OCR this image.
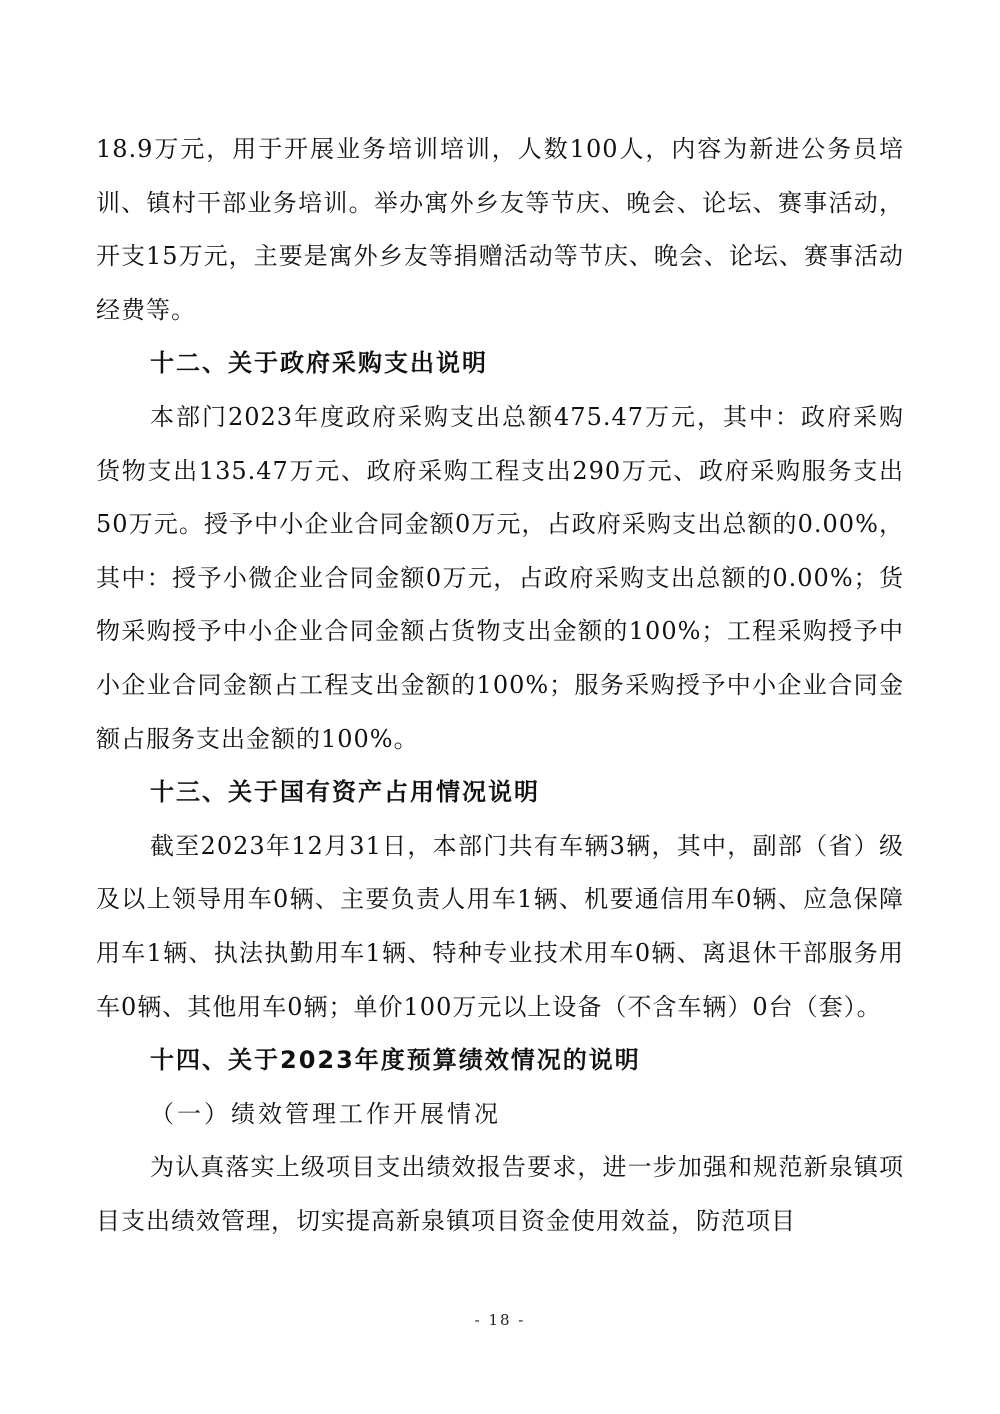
18.9万元，用于开展业务培训培训，人数100人，内容为新进公务员培训、镇村干部业务培训。举办寓外乡友等节庆、晚会、论坛、赛事活动，开支15万元，主要是寓外乡友等捐赠活动等节庆、晚会、论坛、赛事活动经费等。

十二、关于政府采购支出说明

本部门2023年度政府采购支出总额475.47万元，其中：政府采购货物支出135.47万元、政府采购工程支出290万元、政府采购服务支出50万元。授予中小企业合同金额0万元，占政府采购支出总额的0.00%，其中：授予小微企业合同金额0万元，占政府采购支出总额的0.00%；货物采购授予中小企业合同金额占货物支出金额的100%；工程采购授予中小企业合同金额占工程支出金额的100%；服务采购授予中小企业合同金额占服务支出金额的100%。

十三、关于国有资产占用情况说明

截至2023年12月31日，本部门共有车辆3辆，其中，副部（省）级及以上领导用车0辆、主要负责人用车1辆、机要通信用车0辆、应急保障用车1辆、执法执勤用车1辆、特种专业技术用车0辆、离退休干部服务用车0辆、其他用车0辆；单价100万元以上设备（不含车辆）0台（套）。

十四、关于2023年度预算绩效情况的说明

（一）绩效管理工作开展情况

为认真落实上级项目支出绩效报告要求，进一步加强和规范新泉镇项目支出绩效管理，切实提高新泉镇项目资金使用效益，防范项目

- 18 -
